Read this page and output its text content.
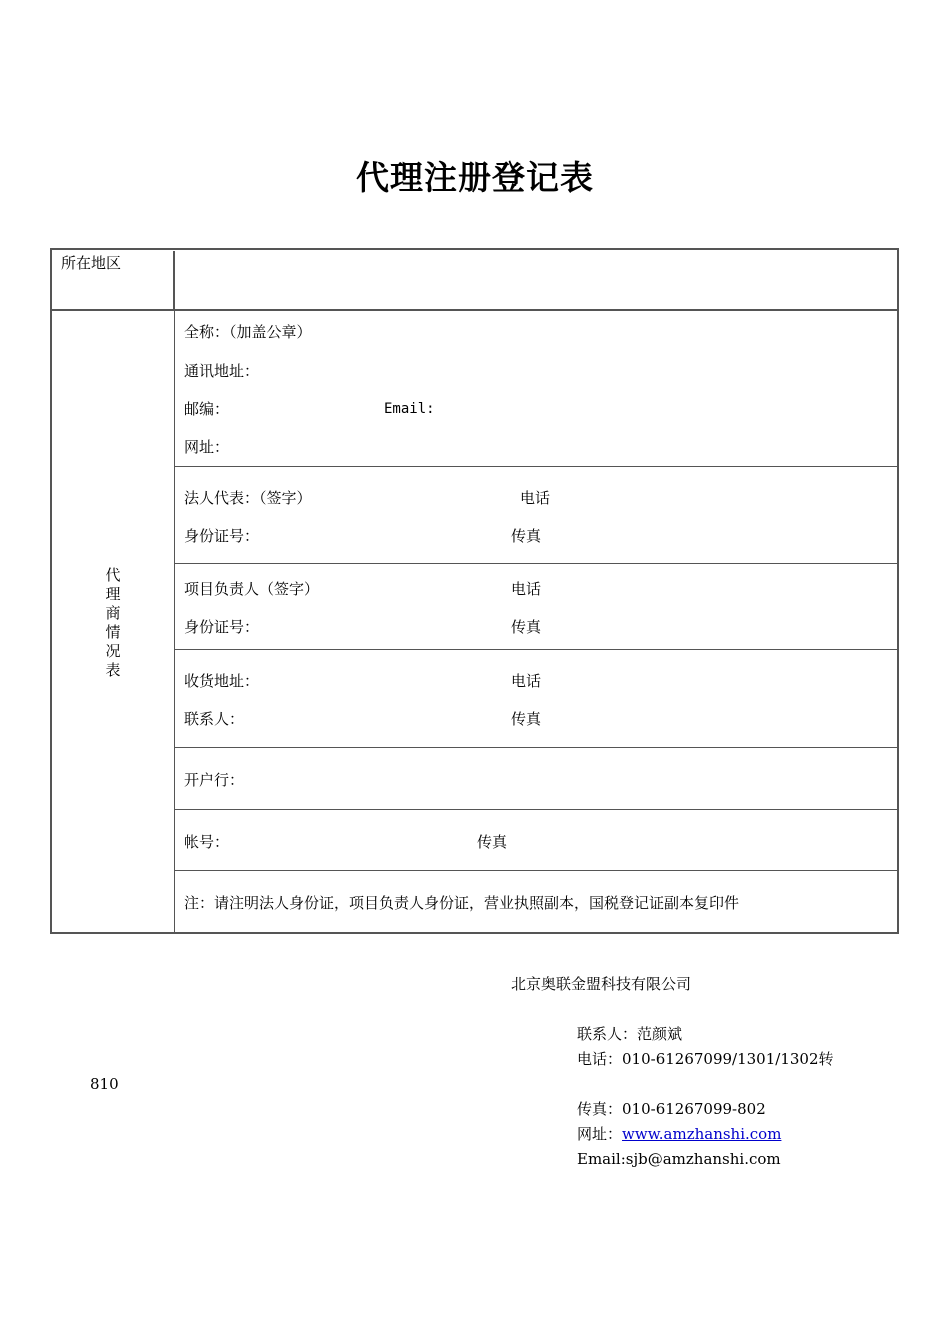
代理注册登记表
所在地区
代理商情况表
全称：（加盖公章）
通讯地址：
邮编：	Email:
网址：
法人代表：（签字）	电话
身份证号：	传真
项目负责人（签字）	电话
身份证号：	传真
收货地址：	电话
联系人：	传真
开户行：
帐号：	传真
注：请注明法人身份证，项目负责人身份证，营业执照副本，国税登记证副本复印件
北京奥联金盟科技有限公司
联系人：范颜斌
电话：010-61267099/1301/1302转
810
传真：010-61267099-802
网址：www.amzhanshi.com
Email:sjb@amzhanshi.com
